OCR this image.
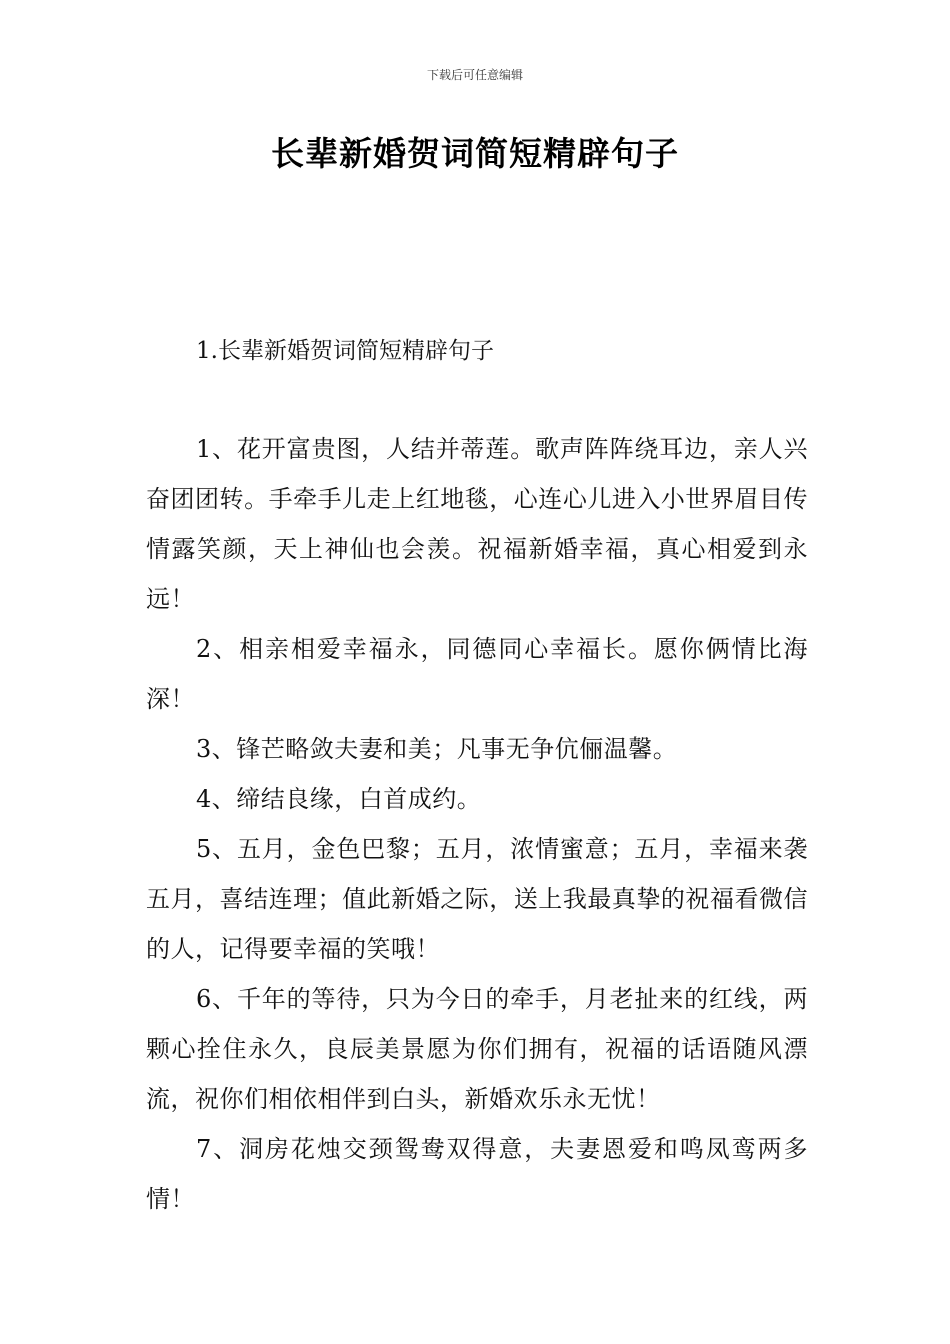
下载后可任意编辑
长辈新婚贺词简短精辟句子
1.长辈新婚贺词简短精辟句子

1、花开富贵图，人结并蒂莲。歌声阵阵绕耳边，亲人兴奋团团转。手牵手儿走上红地毯，心连心儿进入小世界眉目传情露笑颜，天上神仙也会羡。祝福新婚幸福，真心相爱到永远！

2、相亲相爱幸福永，同德同心幸福长。愿你俩情比海深！

3、锋芒略敛夫妻和美；凡事无争伉俪温馨。

4、缔结良缘，白首成约。

5、五月，金色巴黎；五月，浓情蜜意；五月，幸福来袭五月，喜结连理；值此新婚之际，送上我最真挚的祝福看微信的人，记得要幸福的笑哦！

6、千年的等待，只为今日的牵手，月老扯来的红线，两颗心拴住永久，良辰美景愿为你们拥有，祝福的话语随风漂流，祝你们相依相伴到白头，新婚欢乐永无忧！

7、洞房花烛交颈鸳鸯双得意，夫妻恩爱和鸣凤鸾两多情！
